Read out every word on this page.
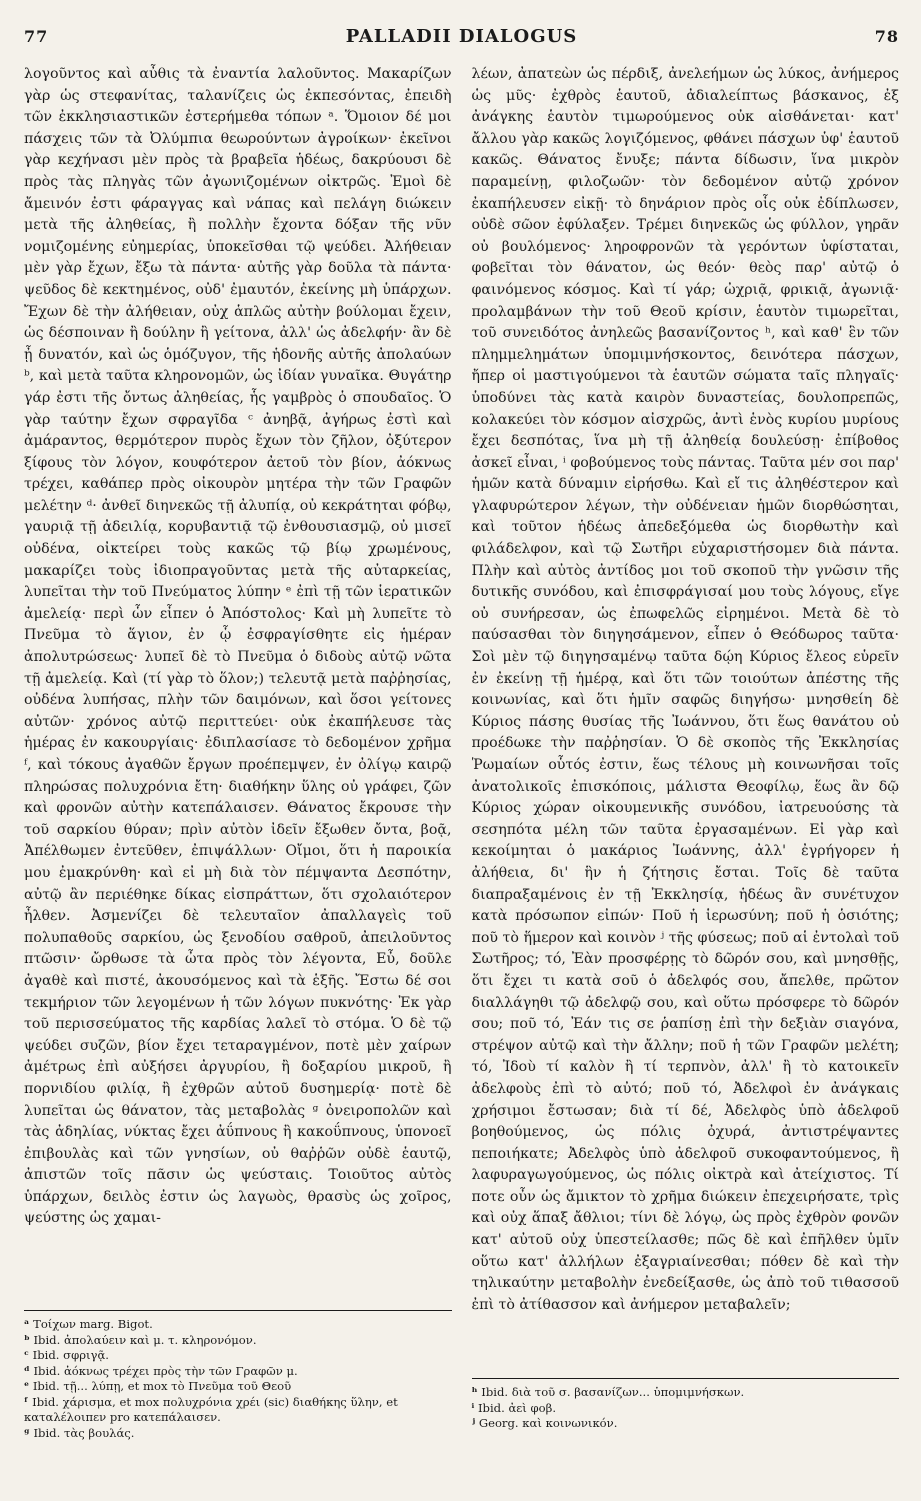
77	PALLADII DIALOGUS	78
λογοῦντος καὶ αὖθις τὰ ἐναντία λαλοῦντος. Μακαρίζων γὰρ ὡς στεφανίτας, ταλανίζεις ὡς ἐκπεσόντας, ἐπειδὴ τῶν ἐκκλησιαστικῶν ἐστερήμεθα τόπων ᵃ. Ὅμοιον δέ μοι πάσχεις τῶν τὰ Ὀλύμπια θεωρούντων ἀγροίκων· ἐκεῖνοι γὰρ κεχήνασι μὲν πρὸς τὰ βραβεῖα ἡδέως, δακρύουσι δὲ πρὸς τὰς πληγὰς τῶν ἀγωνιζομένων οἰκτρῶς. Ἐμοὶ δὲ ἄμεινόν ἐστι φάραγγας καὶ νάπας καὶ πελάγη διώκειν μετὰ τῆς ἀληθείας, ἢ πολλὴν ἔχοντα δόξαν τῆς νῦν νομιζομένης εὐημερίας, ὑποκεῖσθαι τῷ ψεύδει. Ἀλήθειαν μὲν γὰρ ἔχων, ἔξω τὰ πάντα· αὐτῆς γὰρ δοῦλα τὰ πάντα· ψεῦδος δὲ κεκτημένος, οὐδ' ἐμαυτόν, ἐκείνης μὴ ὑπάρχων. Ἔχων δὲ τὴν ἀλήθειαν, οὐχ ἁπλῶς αὐτὴν βούλομαι ἔχειν, ὡς δέσποιναν ἢ δούλην ἢ γείτονα, ἀλλ' ὡς ἀδελφήν· ἂν δὲ ᾖ δυνατόν, καὶ ὡς ὁμόζυγον, τῆς ἡδονῆς αὐτῆς ἀπολαύων ᵇ, καὶ μετὰ ταῦτα κληρονομῶν, ὡς ἰδίαν γυναῖκα. Θυγάτηρ γάρ ἐστι τῆς ὄντως ἀληθείας, ἧς γαμβρὸς ὁ σπουδαῖος. Ὁ γὰρ ταύτην ἔχων σφραγῖδα ᶜ ἀνηβᾷ, ἀγήρως ἐστὶ καὶ ἀμάραντος, θερμότερον πυρὸς ἔχων τὸν ζῆλον, ὀξύτερον ξίφους τὸν λόγον, κουφότερον ἀετοῦ τὸν βίον, ἀόκνως τρέχει, καθάπερ πρὸς οἰκουρὸν μητέρα τὴν τῶν Γραφῶν μελέτην ᵈ· ἀνθεῖ διηνεκῶς τῇ ἀλυπίᾳ, οὐ κεκράτηται φόβῳ, γαυριᾷ τῇ ἀδειλίᾳ, κορυβαντιᾷ τῷ ἐνθουσιασμῷ, οὐ μισεῖ οὐδένα, οἰκτείρει τοὺς κακῶς τῷ βίῳ χρωμένους, μακαρίζει τοὺς ἰδιοπραγοῦντας μετὰ τῆς αὐταρκείας, λυπεῖται τὴν τοῦ Πνεύματος λύπην ᵉ ἐπὶ τῇ τῶν ἱερατικῶν ἀμελείᾳ· περὶ ὧν εἶπεν ὁ Ἀπόστολος· Καὶ μὴ λυπεῖτε τὸ Πνεῦμα τὸ ἅγιον, ἐν ᾧ ἐσφραγίσθητε εἰς ἡμέραν ἀπολυτρώσεως· λυπεῖ δὲ τὸ Πνεῦμα ὁ διδοὺς αὐτῷ νῶτα τῇ ἀμελείᾳ. Καὶ (τί γὰρ τὸ ὅλον;) τελευτᾷ μετὰ παῤῥησίας, οὐδένα λυπήσας, πλὴν τῶν δαιμόνων, καὶ ὅσοι γείτονες αὐτῶν· χρόνος αὐτῷ περιττεύει· οὐκ ἐκαπήλευσε τὰς ἡμέρας ἐν κακουργίαις· ἐδιπλασίασε τὸ δεδομένον χρῆμα ᶠ, καὶ τόκους ἀγαθῶν ἔργων προέπεμψεν, ἐν ὀλίγῳ καιρῷ πληρώσας πολυχρόνια ἔτη· διαθήκην ὕλης οὐ γράφει, ζῶν καὶ φρονῶν αὐτὴν κατεπάλαισεν. Θάνατος ἔκρουσε τὴν τοῦ σαρκίου θύραν; πρὶν αὐτὸν ἰδεῖν ἔξωθεν ὄντα, βοᾷ, Ἀπέλθωμεν ἐντεῦθεν, ἐπιψάλλων· Οἴμοι, ὅτι ἡ παροικία μου ἐμακρύνθη· καὶ εἰ μὴ διὰ τὸν πέμψαντα Δεσπότην, αὐτῷ ἂν περιέθηκε δίκας εἰσπράττων, ὅτι σχολαιότερον ἦλθεν. Ἀσμενίζει δὲ τελευταῖον ἀπαλλαγεὶς τοῦ πολυπαθοῦς σαρκίου, ὡς ξενοδίου σαθροῦ, ἀπειλοῦντος πτῶσιν· ὤρθωσε τὰ ὦτα πρὸς τὸν λέγοντα, Εὖ, δοῦλε ἀγαθὲ καὶ πιστέ, ἀκουσόμενος καὶ τὰ ἑξῆς. Ἔστω δέ σοι τεκμήριον τῶν λεγομένων ἡ τῶν λόγων πυκνότης· Ἐκ γὰρ τοῦ περισσεύματος τῆς καρδίας λαλεῖ τὸ στόμα. Ὁ δὲ τῷ ψεύδει συζῶν, βίον ἔχει τεταραγμένον, ποτὲ μὲν χαίρων ἀμέτρως ἐπὶ αὐξήσει ἀργυρίου, ἢ δοξαρίου μικροῦ, ἢ πορνιδίου φιλίᾳ, ἢ ἐχθρῶν αὐτοῦ δυσημερίᾳ· ποτὲ δὲ λυπεῖται ὡς θάνατον, τὰς μεταβολὰς ᵍ ὀνειροπολῶν καὶ τὰς ἀδηλίας, νύκτας ἔχει ἀΰπνους ἢ κακοΰπνους, ὑπονοεῖ ἐπιβουλὰς καὶ τῶν γνησίων, οὐ θαῤῥῶν οὐδὲ ἑαυτῷ, ἀπιστῶν τοῖς πᾶσιν ὡς ψεύσταις. Τοιοῦτος αὐτὸς ὑπάρχων, δειλὸς ἐστιν ὡς λαγωὸς, θρασὺς ὡς χοῖρος, ψεύστης ὡς χαμαι-
ᵃ Τοίχων marg. Bigot.
ᵇ Ibid. ἀπολαύειν καὶ μ. τ. κληρονόμον.
ᶜ Ibid. σφριγᾷ.
ᵈ Ibid. ἀόκνως τρέχει πρὸς τὴν τῶν Γραφῶν μ.
ᵉ Ibid. τῇ... λύπῃ, et mox τὸ Πνεῦμα τοῦ Θεοῦ
ᶠ Ibid. χάρισμα, et mox πολυχρόνια χρέι (sic) διαθήκης ὕλην, et καταλέλοιπεν pro κατεπάλαισεν.
ᵍ Ibid. τὰς βουλάς.
λέων, ἀπατεὼν ὡς πέρδιξ, ἀνελεήμων ὡς λύκος, ἀνήμερος ὡς μῦς· ἐχθρὸς ἑαυτοῦ, ἀδιαλείπτως βάσκανος, ἐξ ἀνάγκης ἑαυτὸν τιμωρούμενος οὐκ αἰσθάνεται· κατ' ἄλλου γὰρ κακῶς λογιζόμενος, φθάνει πάσχων ὑφ' ἑαυτοῦ κακῶς. Θάνατος ἔνυξε; πάντα δίδωσιν, ἵνα μικρὸν παραμείνῃ, φιλοζωῶν· τὸν δεδομένον αὐτῷ χρόνον ἐκαπήλευσεν εἰκῇ· τὸ δηνάριον πρὸς οἷς οὐκ ἐδίπλωσεν, οὐδὲ σῶον ἐφύλαξεν. Τρέμει διηνεκῶς ὡς φύλλον, γηρᾶν οὐ βουλόμενος· ληροφρονῶν τὰ γερόντων ὑφίσταται, φοβεῖται τὸν θάνατον, ὡς θεόν· θεὸς παρ' αὐτῷ ὁ φαινόμενος κόσμος. Καὶ τί γάρ; ὠχριᾷ, φρικιᾷ, ἀγωνιᾷ· προλαμβάνων τὴν τοῦ Θεοῦ κρίσιν, ἑαυτὸν τιμωρεῖται, τοῦ συνειδότος ἀνηλεῶς βασανίζοντος ʰ, καὶ καθ' ἓν τῶν πλημμελημάτων ὑπομιμνήσκοντος, δεινότερα πάσχων, ἤπερ οἱ μαστιγούμενοι τὰ ἑαυτῶν σώματα ταῖς πληγαῖς· ὑποδύνει τὰς κατὰ καιρὸν δυναστείας, δουλοπρεπῶς, κολακεύει τὸν κόσμον αἰσχρῶς, ἀντὶ ἑνὸς κυρίου μυρίους ἔχει δεσπότας, ἵνα μὴ τῇ ἀληθείᾳ δουλεύσῃ· ἐπίβοθος ἀσκεῖ εἶναι, ⁱ φοβούμενος τοὺς πάντας. Ταῦτα μέν σοι παρ' ἡμῶν κατὰ δύναμιν εἰρήσθω. Καὶ εἴ τις ἀληθέστερον καὶ γλαφυρώτερον λέγων, τὴν οὐδένειαν ἡμῶν διορθώσηται, καὶ τοῦτον ἡδέως ἀπεδεξόμεθα ὡς διορθωτὴν καὶ φιλάδελφον, καὶ τῷ Σωτῆρι εὐχαριστήσομεν διὰ πάντα. Πλὴν καὶ αὐτὸς ἀντίδος μοι τοῦ σκοποῦ τὴν γνῶσιν τῆς δυτικῆς συνόδου, καὶ ἐπισφράγισαί μου τοὺς λόγους, εἴγε οὐ συνήρεσαν, ὡς ἐπωφελῶς εἰρημένοι. Μετὰ δὲ τὸ παύσασθαι τὸν διηγησάμενον, εἶπεν ὁ Θεόδωρος ταῦτα· Σοὶ μὲν τῷ διηγησαμένῳ ταῦτα δῴη Κύριος ἔλεος εὑρεῖν ἐν ἐκείνῃ τῇ ἡμέρᾳ, καὶ ὅτι τῶν τοιούτων ἀπέστης τῆς κοινωνίας, καὶ ὅτι ἡμῖν σαφῶς διηγήσω· μνησθείη δὲ Κύριος πάσης θυσίας τῆς Ἰωάννου, ὅτι ἕως θανάτου οὐ προέδωκε τὴν παῤῥησίαν. Ὁ δὲ σκοπὸς τῆς Ἐκκλησίας Ῥωμαίων οὗτός ἐστιν, ἕως τέλους μὴ κοινωνῆσαι τοῖς ἀνατολικοῖς ἐπισκόποις, μάλιστα Θεοφίλῳ, ἕως ἂν δῷ Κύριος χώραν οἰκουμενικῆς συνόδου, ἰατρευούσης τὰ σεσηπότα μέλη τῶν ταῦτα ἐργασαμένων. Εἰ γὰρ καὶ κεκοίμηται ὁ μακάριος Ἰωάννης, ἀλλ' ἐγρήγορεν ἡ ἀλήθεια, δι' ἣν ἡ ζήτησις ἔσται. Τοῖς δὲ ταῦτα διαπραξαμένοις ἐν τῇ Ἐκκλησίᾳ, ἡδέως ἂν συνέτυχον κατὰ πρόσωπον εἰπών· Ποῦ ἡ ἱερωσύνη; ποῦ ἡ ὁσιότης; ποῦ τὸ ἥμερον καὶ κοινὸν ʲ τῆς φύσεως; ποῦ αἱ ἐντολαὶ τοῦ Σωτῆρος; τό, Ἐὰν προσφέρῃς τὸ δῶρόν σου, καὶ μνησθῇς, ὅτι ἔχει τι κατὰ σοῦ ὁ ἀδελφός σου, ἄπελθε, πρῶτον διαλλάγηθι τῷ ἀδελφῷ σου, καὶ οὕτω πρόσφερε τὸ δῶρόν σου; ποῦ τό, Ἐάν τις σε ῥαπίσῃ ἐπὶ τὴν δεξιὰν σιαγόνα, στρέψον αὐτῷ καὶ τὴν ἄλλην; ποῦ ἡ τῶν Γραφῶν μελέτη; τό, Ἰδοὺ τί καλὸν ἢ τί τερπνὸν, ἀλλ' ἢ τὸ κατοικεῖν ἀδελφοὺς ἐπὶ τὸ αὐτό; ποῦ τό, Ἀδελφοὶ ἐν ἀνάγκαις χρήσιμοι ἔστωσαν; διὰ τί δέ, Ἀδελφὸς ὑπὸ ἀδελφοῦ βοηθούμενος, ὡς πόλις ὀχυρά, ἀντιστρέψαντες πεποιήκατε; Ἀδελφὸς ὑπὸ ἀδελφοῦ συκοφαντούμενος, ἢ λαφυραγωγούμενος, ὡς πόλις οἰκτρὰ καὶ ἀτείχιστος. Τί ποτε οὖν ὡς ἄμικτον τὸ χρῆμα διώκειν ἐπεχειρήσατε, τρὶς καὶ οὐχ ἅπαξ ἄθλιοι; τίνι δὲ λόγῳ, ὡς πρὸς ἐχθρὸν φονῶν κατ' αὐτοῦ οὐχ ὑπεστείλασθε; πῶς δὲ καὶ ἐπῆλθεν ὑμῖν οὕτω κατ' ἀλλήλων ἐξαγριαίνεσθαι; πόθεν δὲ καὶ τὴν τηλικαύτην μεταβολὴν ἐνεδείξασθε, ὡς ἀπὸ τοῦ τιθασσοῦ ἐπὶ τὸ ἀτίθασσον καὶ ἀνήμερον μεταβαλεῖν;
ʰ Ibid. διὰ τοῦ σ. βασανίζων... ὑπομιμνήσκων.
ⁱ Ibid. ἀεὶ φοβ.
ʲ Georg. καὶ κοινωνικόν.
